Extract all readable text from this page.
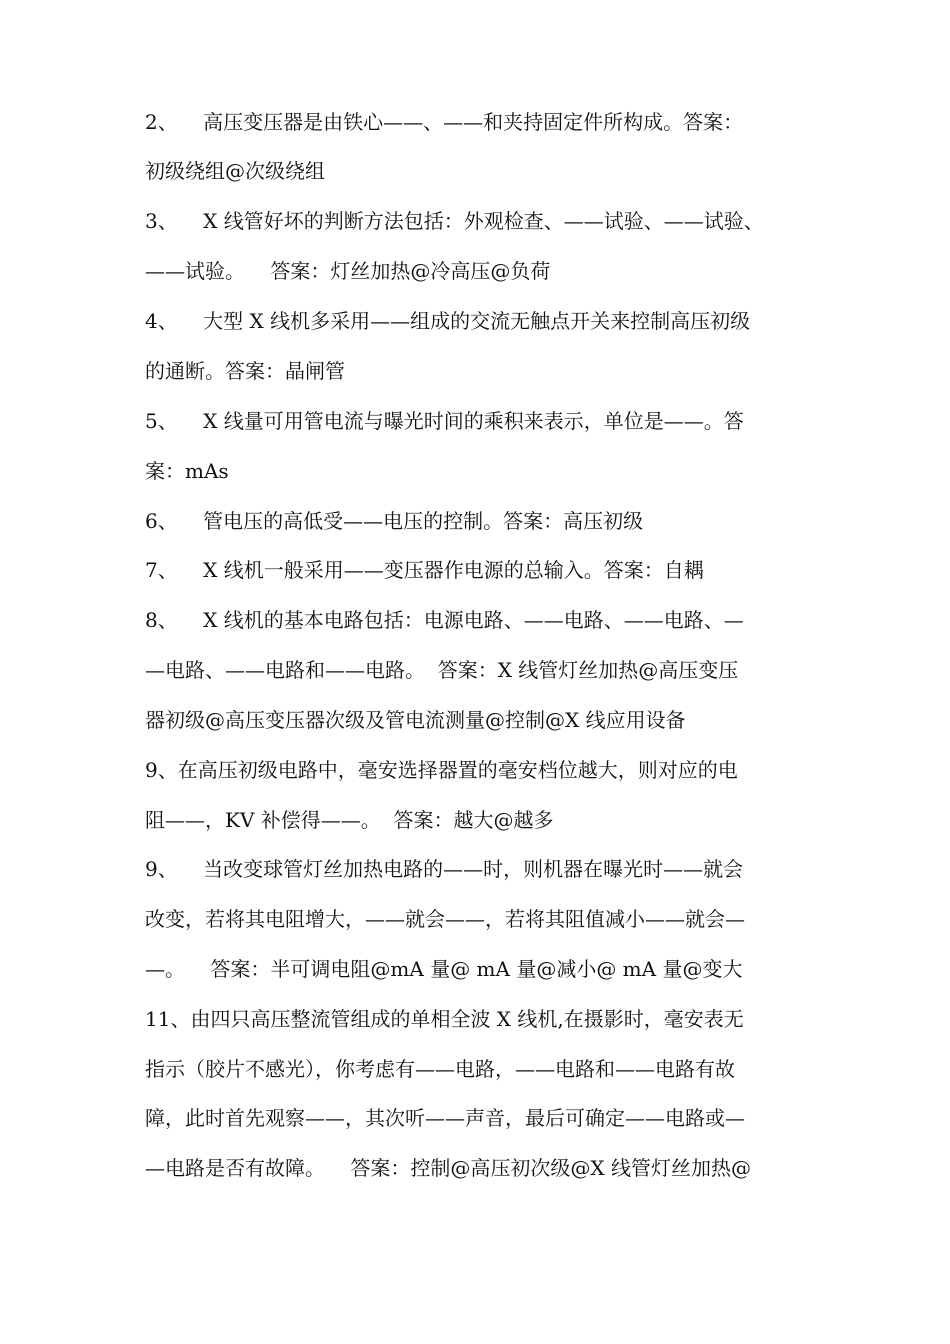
2、    高压变压器是由铁心——、——和夹持固定件所构成。答案：
初级绕组@次级绕组
3、    X 线管好坏的判断方法包括：外观检查、——试验、——试验、
——试验。    答案：灯丝加热@冷高压@负荷
4、    大型 X 线机多采用——组成的交流无触点开关来控制高压初级
的通断。答案：晶闸管
5、    X 线量可用管电流与曝光时间的乘积来表示，单位是——。答
案：mAs
6、    管电压的高低受——电压的控制。答案：高压初级
7、    X 线机一般采用——变压器作电源的总输入。答案：自耦
8、    X 线机的基本电路包括：电源电路、——电路、——电路、—
—电路、——电路和——电路。  答案：X 线管灯丝加热@高压变压
器初级@高压变压器次级及管电流测量@控制@X 线应用设备
9、在高压初级电路中，毫安选择器置的毫安档位越大，则对应的电
阻——，KV 补偿得——。  答案：越大@越多
9、    当改变球管灯丝加热电路的——时，则机器在曝光时——就会
改变，若将其电阻增大，——就会——，若将其阻值减小——就会—
—。    答案：半可调电阻@mA 量@ mA 量@减小@ mA 量@变大
11、由四只高压整流管组成的单相全波 X 线机,在摄影时，毫安表无
指示（胶片不感光），你考虑有——电路，——电路和——电路有故
障，此时首先观察——，其次听——声音，最后可确定——电路或—
—电路是否有故障。    答案：控制@高压初次级@X 线管灯丝加热@
